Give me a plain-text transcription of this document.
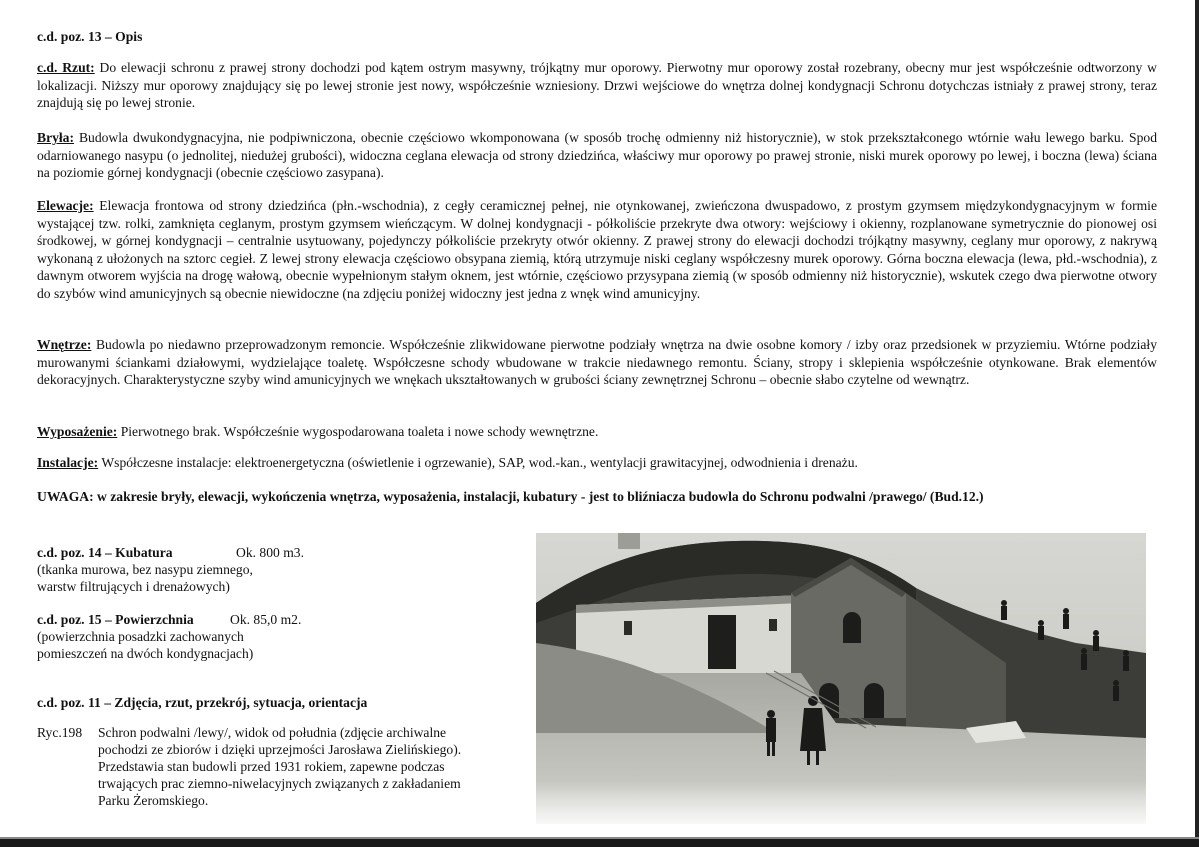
c.d. poz. 13 – Opis
c.d. Rzut: Do elewacji schronu z prawej strony dochodzi pod kątem ostrym masywny, trójkątny mur oporowy. Pierwotny mur oporowy został rozebrany, obecny mur jest współcześnie odtworzony w lokalizacji. Niższy mur oporowy znajdujący się po lewej stronie jest nowy, współcześnie wzniesiony. Drzwi wejściowe do wnętrza dolnej kondygnacji Schronu dotychczas istniały z prawej strony, teraz znajdują się po lewej stronie.
Bryła: Budowla dwukondygnacyjna, nie podpiwniczona, obecnie częściowo wkomponowana (w sposób trochę odmienny niż historycznie), w stok przekształconego wtórnie wału lewego barku. Spod odarniowanego nasypu (o jednolitej, niedużej grubości), widoczna ceglana elewacja od strony dziedzińca, właściwy mur oporowy po prawej stronie, niski murek oporowy po lewej, i boczna (lewa) ściana na poziomie górnej kondygnacji (obecnie częściowo zasypana).
Elewacje: Elewacja frontowa od strony dziedzińca (płn.-wschodnia), z cegły ceramicznej pełnej, nie otynkowanej, zwieńczona dwuspadowo, z prostym gzymsem międzykondygnacyjnym w formie wystającej tzw. rolki, zamknięta ceglanym, prostym gzymsem wieńczącym. W dolnej kondygnacji - półkoliście przekryte dwa otwory: wejściowy i okienny, rozplanowane symetrycznie do pionowej osi środkowej, w górnej kondygnacji – centralnie usytuowany, pojedynczy półkoliście przekryty otwór okienny. Z prawej strony do elewacji dochodzi trójkątny masywny, ceglany mur oporowy, z nakrywą wykonaną z ułożonych na sztorc cegieł. Z lewej strony elewacja częściowo obsypana ziemią, którą utrzymuje niski ceglany współczesny murek oporowy. Górna boczna elewacja (lewa, płd.-wschodnia), z dawnym otworem wyjścia na drogę wałową, obecnie wypełnionym stałym oknem, jest wtórnie, częściowo przysypana ziemią (w sposób odmienny niż historycznie), wskutek czego dwa pierwotne otwory do szybów wind amunicyjnych są obecnie niewidoczne (na zdjęciu poniżej widoczny jest jedna z wnęk wind amunicyjny.
Wnętrze: Budowla po niedawno przeprowadzonym remoncie. Współcześnie zlikwidowane pierwotne podziały wnętrza na dwie osobne komory / izby oraz przedsionek w przyziemiu. Wtórne podziały murowanymi ściankami działowymi, wydzielające toaletę. Współczesne schody wbudowane w trakcie niedawnego remontu. Ściany, stropy i sklepienia współcześnie otynkowane. Brak elementów dekoracyjnych. Charakterystyczne szyby wind amunicyjnych we wnękach ukształtowanych w grubości ściany zewnętrznej Schronu – obecnie słabo czytelne od wewnątrz.
Wyposażenie: Pierwotnego brak. Współcześnie wygospodarowana toaleta i nowe schody wewnętrzne.
Instalacje: Współczesne instalacje: elektroenergetyczna (oświetlenie i ogrzewanie), SAP, wod.-kan., wentylacji grawitacyjnej, odwodnienia i drenażu.
UWAGA: w zakresie bryły, elewacji, wykończenia wnętrza, wyposażenia, instalacji, kubatury - jest to bliźniacza budowla do Schronu podwalni /prawego/ (Bud.12.)
c.d. poz. 14 – Kubatura	Ok. 800 m3.
(tkanka murowa, bez nasypu ziemnego,
warstw filtrujących i drenażowych)
c.d. poz. 15 – Powierzchnia	Ok. 85,0 m2.
(powierzchnia posadzki zachowanych
pomieszczeń na dwóch kondygnacjach)
c.d. poz. 11 – Zdjęcia, rzut, przekrój, sytuacja, orientacja
Ryc.198 Schron podwalni /lewy/, widok od południa (zdjęcie archiwalne
pochodzi ze zbiorów i dzięki uprzejmości Jarosława Zielińskiego).
Przedstawia stan budowli przed 1931 rokiem, zapewne podczas
trwających prac ziemno-niwelacyjnych związanych z zakładaniem
Parku Żeromskiego.
